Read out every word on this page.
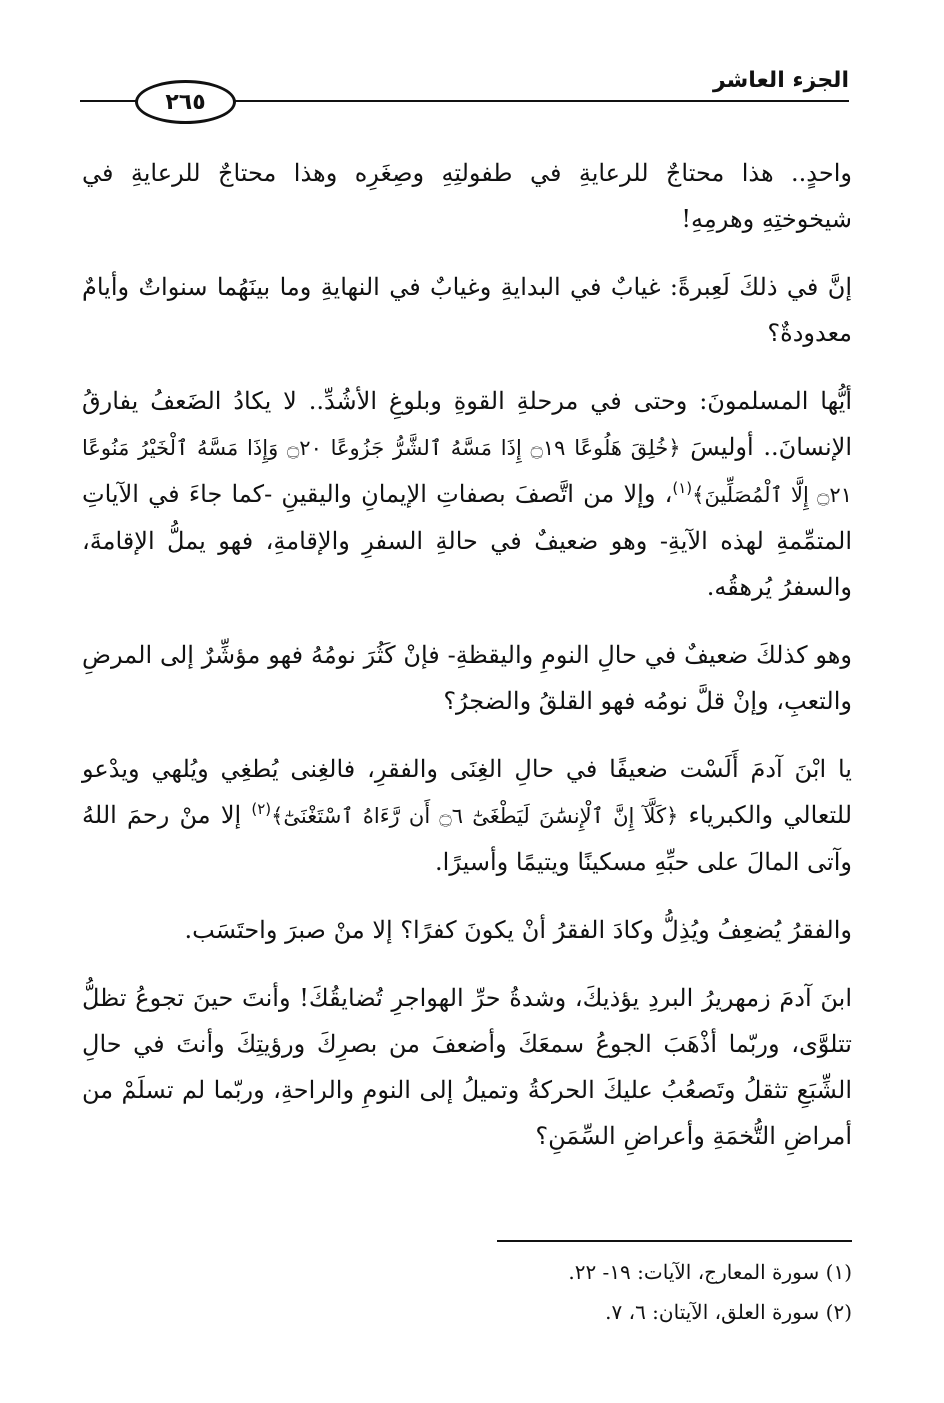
الجزء العاشر
٢٦٥

واحدٍ.. هذا محتاجٌ للرعايةِ في طفولتِهِ وصِغَرِه وهذا محتاجٌ للرعايةِ في شيخوختِهِ وهرمِهِ!

إنَّ في ذلكَ لَعِبرةً: غيابٌ في البدايةِ وغيابٌ في النهايةِ وما بينَهُما سنواتٌ وأيامٌ معدودةٌ؟

أيُّها المسلمونَ: وحتى في مرحلةِ القوةِ وبلوغِ الأشُدِّ.. لا يكادُ الضَعفُ يفارقُ الإنسانَ.. أوليسَ ﴿خُلِقَ هَلُوعًا ۝١٩ إِذَا مَسَّهُ ٱلشَّرُّ جَزُوعًا ۝٢٠ وَإِذَا مَسَّهُ ٱلْخَيْرُ مَنُوعًا ۝٢١ إِلَّا ٱلْمُصَلِّينَ﴾$^{(١)}$، وإلا من اتَّصفَ بصفاتِ الإيمانِ واليقينِ -كما جاءَ في الآياتِ المتمِّمةِ لهذه الآيةِ- وهو ضعيفٌ في حالةِ السفرِ والإقامةِ، فهو يملُّ الإقامةَ، والسفرُ يُرهقُه.

وهو كذلكَ ضعيفٌ في حالِ النومِ واليقظةِ- فإنْ كَثُرَ نومُهُ فهو مؤشِّرٌ إلى المرضِ والتعبِ، وإنْ قلَّ نومُه فهو القلقُ والضجرُ؟

يا ابْنَ آدمَ أَلَسْت ضعيفًا في حالِ الغِنَى والفقرِ، فالغِنى يُطغِي ويُلهي ويدْعو للتعالي والكبرياء ﴿كَلَّآ إِنَّ ٱلْإِنسَٰنَ لَيَطْغَىٰٓ ۝٦ أَن رَّءَاهُ ٱسْتَغْنَىٰٓ﴾$^{(٢)}$ إلا منْ رحمَ اللهُ وآتى المالَ على حبِّهِ مسكينًا ويتيمًا وأسيرًا.

والفقرُ يُضعِفُ ويُذِلُّ وكادَ الفقرُ أنْ يكونَ كفرًا؟ إلا منْ صبرَ واحتَسَب.

ابنَ آدمَ زمهريرُ البردِ يؤذيكَ، وشدةُ حرِّ الهواجرِ تُضايقُكَ! وأنتَ حينَ تجوعُ تظلُّ تتلوَّى، وربّما أذْهَبَ الجوعُ سمعَكَ وأضعفَ من بصرِكَ ورؤيتِكَ وأنتَ في حالِ الشِّبَعِ تثقلُ وتَصعُبُ عليكَ الحركةُ وتميلُ إلى النومِ والراحةِ، وربّما لم تسلَمْ من أمراضِ التُّخمَةِ وأعراضِ السِّمَنِ؟

(١) سورة المعارج، الآيات: ١٩- ٢٢.
(٢) سورة العلق، الآيتان: ٦، ٧.
